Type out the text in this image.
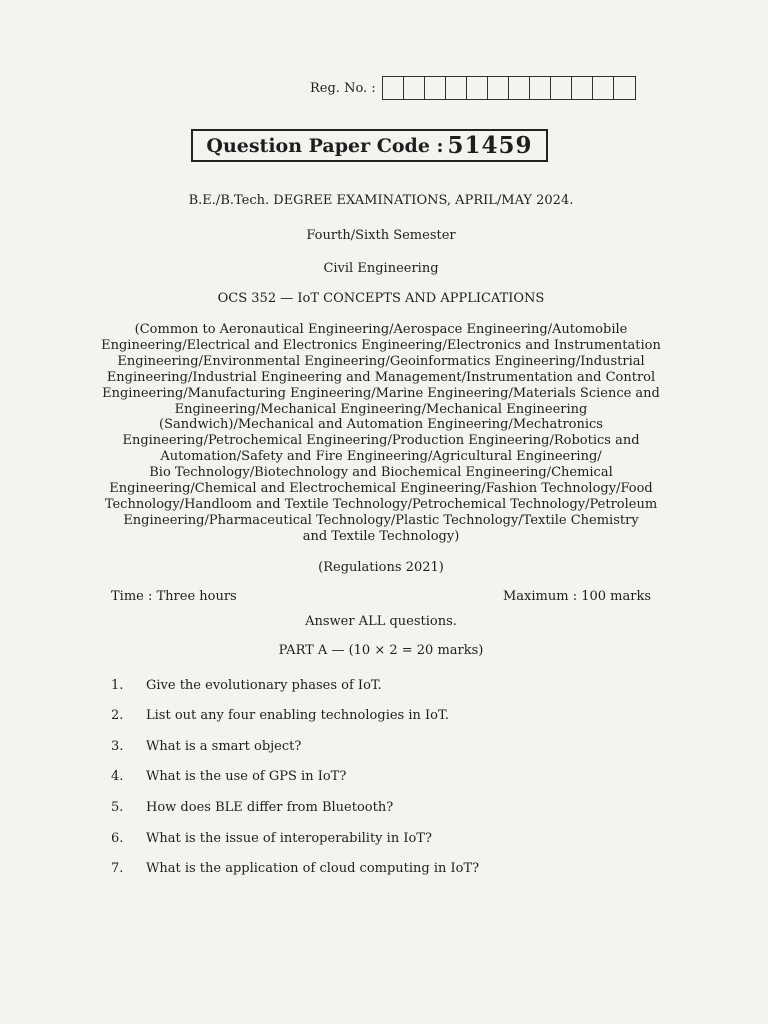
Reg. No. :
Question Paper Code : 51459
B.E./B.Tech. DEGREE EXAMINATIONS, APRIL/MAY 2024.
Fourth/Sixth Semester
Civil Engineering
OCS 352 — IoT CONCEPTS AND APPLICATIONS
(Common to Aeronautical Engineering/Aerospace Engineering/Automobile
Engineering/Electrical and Electronics Engineering/Electronics and Instrumentation
Engineering/Environmental Engineering/Geoinformatics Engineering/Industrial
Engineering/Industrial Engineering and Management/Instrumentation and Control
Engineering/Manufacturing Engineering/Marine Engineering/Materials Science and
Engineering/Mechanical Engineering/Mechanical Engineering
(Sandwich)/Mechanical and Automation Engineering/Mechatronics
Engineering/Petrochemical Engineering/Production Engineering/Robotics and
Automation/Safety and Fire Engineering/Agricultural Engineering/
Bio Technology/Biotechnology and Biochemical Engineering/Chemical
Engineering/Chemical and Electrochemical Engineering/Fashion Technology/Food
Technology/Handloom and Textile Technology/Petrochemical Technology/Petroleum
Engineering/Pharmaceutical Technology/Plastic Technology/Textile Chemistry
and Textile Technology)
(Regulations 2021)
Time : Three hours	Maximum : 100 marks
Answer ALL questions.
PART A — (10 × 2 = 20 marks)
1.	Give the evolutionary phases of IoT.
2.	List out any four enabling technologies in IoT.
3.	What is a smart object?
4.	What is the use of GPS in IoT?
5.	How does BLE differ from Bluetooth?
6.	What is the issue of interoperability in IoT?
7.	What is the application of cloud computing in IoT?
